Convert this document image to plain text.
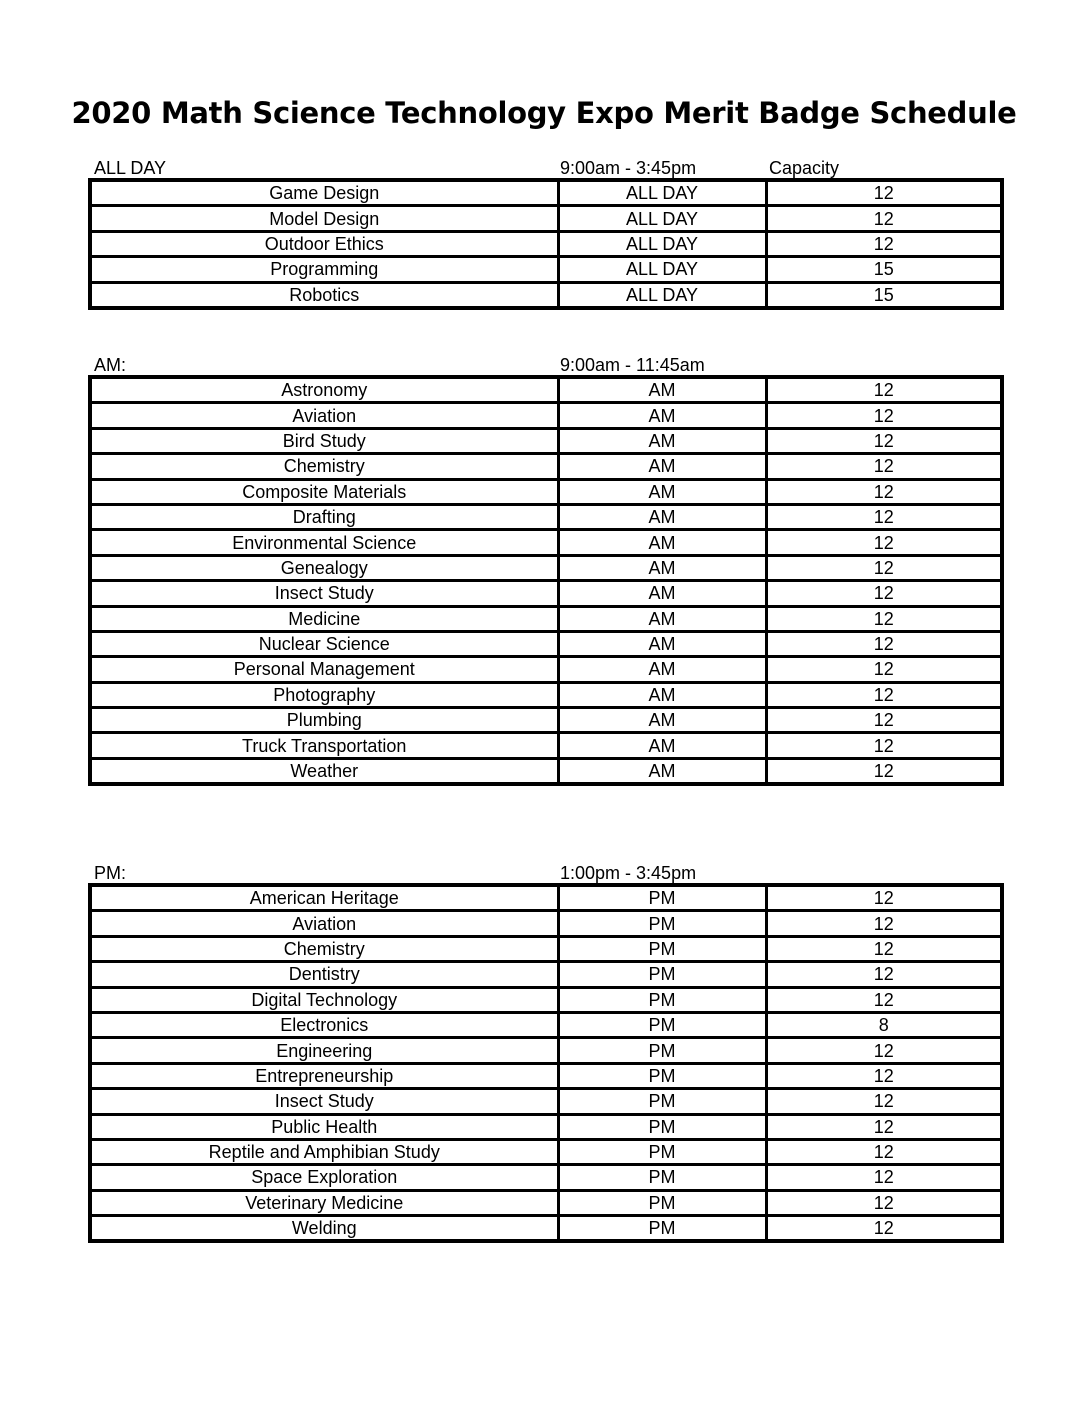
2020 Math Science Technology Expo Merit Badge Schedule
ALL DAY	9:00am - 3:45pm	Capacity
Game Design	ALL DAY	12
Model Design	ALL DAY	12
Outdoor Ethics	ALL DAY	12
Programming	ALL DAY	15
Robotics	ALL DAY	15
AM:	9:00am - 11:45am
Astronomy	AM	12
Aviation	AM	12
Bird Study	AM	12
Chemistry	AM	12
Composite Materials	AM	12
Drafting	AM	12
Environmental Science	AM	12
Genealogy	AM	12
Insect Study	AM	12
Medicine	AM	12
Nuclear Science	AM	12
Personal Management	AM	12
Photography	AM	12
Plumbing	AM	12
Truck Transportation	AM	12
Weather	AM	12
PM:	1:00pm - 3:45pm
American Heritage	PM	12
Aviation	PM	12
Chemistry	PM	12
Dentistry	PM	12
Digital Technology	PM	12
Electronics	PM	8
Engineering	PM	12
Entrepreneurship	PM	12
Insect Study	PM	12
Public Health	PM	12
Reptile and Amphibian Study	PM	12
Space Exploration	PM	12
Veterinary Medicine	PM	12
Welding	PM	12
